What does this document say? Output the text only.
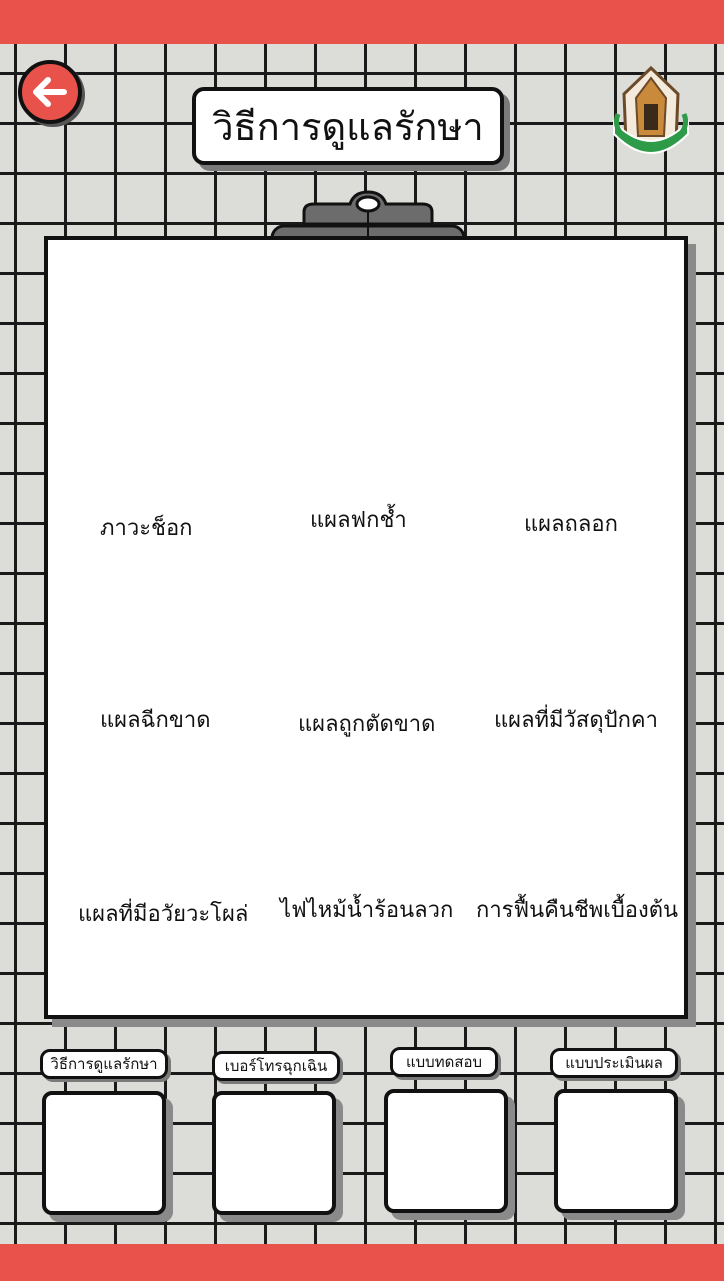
วิธีการดูแลรักษา
ภาวะช็อก	แผลฟกช้ำ	แผลถลอก
แผลฉีกขาด	แผลถูกตัดขาด	แผลที่มีวัสดุปักคา
แผลที่มีอวัยวะโผล่ ไฟไหม้น้ำร้อนลวก การฟื้นคืนชีพเบื้องต้น
วิธีการดูแลรักษา	เบอร์โทรฉุกเฉิน	แบบทดสอบ	แบบประเมินผล
